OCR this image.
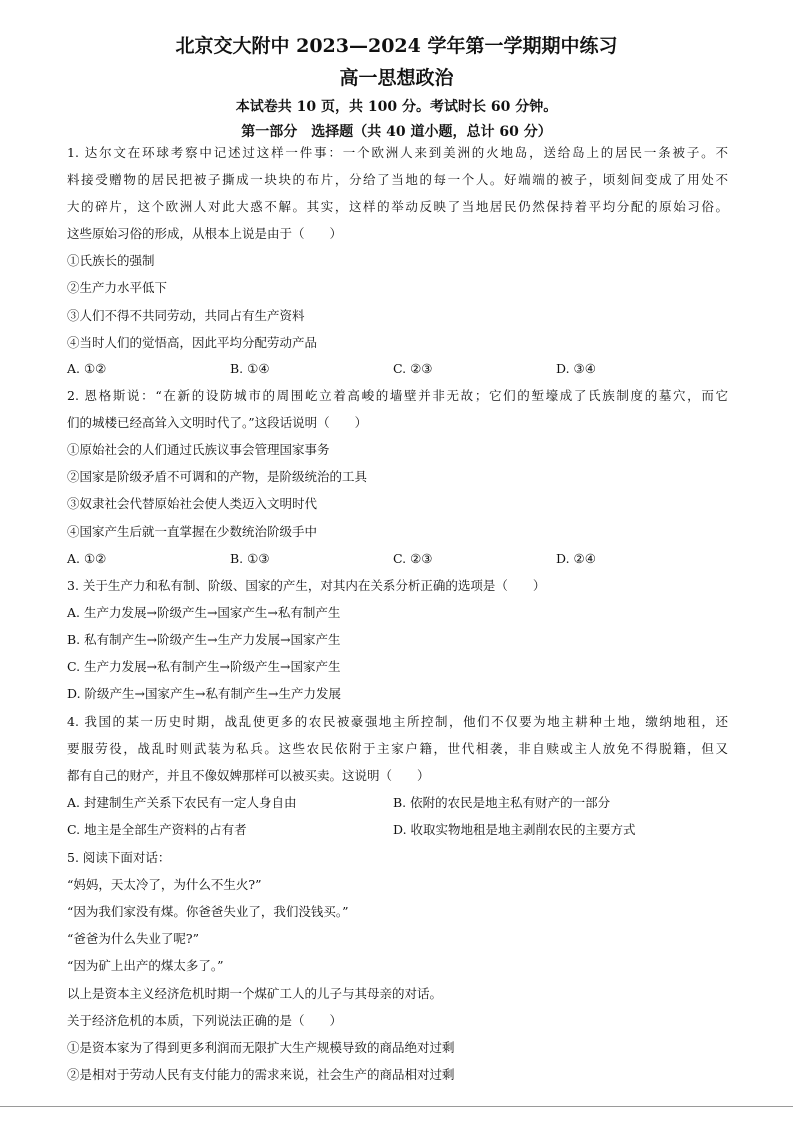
北京交大附中 2023—2024 学年第一学期期中练习
高一思想政治
本试卷共 10 页，共 100 分。考试时长 60 分钟。
第一部分　选择题（共 40 道小题，总计 60 分）
1. 达尔文在环球考察中记述过这样一件事：一个欧洲人来到美洲的火地岛，送给岛上的居民一条被子。不
料接受赠物的居民把被子撕成一块块的布片，分给了当地的每一个人。好端端的被子，顷刻间变成了用处不
大的碎片，这个欧洲人对此大惑不解。其实，这样的举动反映了当地居民仍然保持着平均分配的原始习俗。
这些原始习俗的形成，从根本上说是由于（　　）
①氏族长的强制
②生产力水平低下
③人们不得不共同劳动，共同占有生产资料
④当时人们的觉悟高，因此平均分配劳动产品
A. ①②	B. ①④	C. ②③	D. ③④
2. 恩格斯说：“在新的设防城市的周围屹立着高峻的墙壁并非无故；它们的堑壕成了氏族制度的墓穴，而它
们的城楼已经高耸入文明时代了。”这段话说明（　　）
①原始社会的人们通过氏族议事会管理国家事务
②国家是阶级矛盾不可调和的产物，是阶级统治的工具
③奴隶社会代替原始社会使人类迈入文明时代
④国家产生后就一直掌握在少数统治阶级手中
A. ①②	B. ①③	C. ②③	D. ②④
3. 关于生产力和私有制、阶级、国家的产生，对其内在关系分析正确的选项是（　　）
A. 生产力发展→阶级产生→国家产生→私有制产生
B. 私有制产生→阶级产生→生产力发展→国家产生
C. 生产力发展→私有制产生→阶级产生→国家产生
D. 阶级产生→国家产生→私有制产生→生产力发展
4. 我国的某一历史时期，战乱使更多的农民被豪强地主所控制，他们不仅要为地主耕种土地，缴纳地租，还
要服劳役，战乱时则武装为私兵。这些农民依附于主家户籍，世代相袭，非自赎或主人放免不得脱籍，但又
都有自己的财产，并且不像奴婢那样可以被买卖。这说明（　　）
A. 封建制生产关系下农民有一定人身自由	B. 依附的农民是地主私有财产的一部分
C. 地主是全部生产资料的占有者	D. 收取实物地租是地主剥削农民的主要方式
5. 阅读下面对话：
“妈妈，天太冷了，为什么不生火?”
“因为我们家没有煤。你爸爸失业了，我们没钱买。”
“爸爸为什么失业了呢?”
“因为矿上出产的煤太多了。”
以上是资本主义经济危机时期一个煤矿工人的儿子与其母亲的对话。
关于经济危机的本质，下列说法正确的是（　　）
①是资本家为了得到更多利润而无限扩大生产规模导致的商品绝对过剩
②是相对于劳动人民有支付能力的需求来说，社会生产的商品相对过剩
